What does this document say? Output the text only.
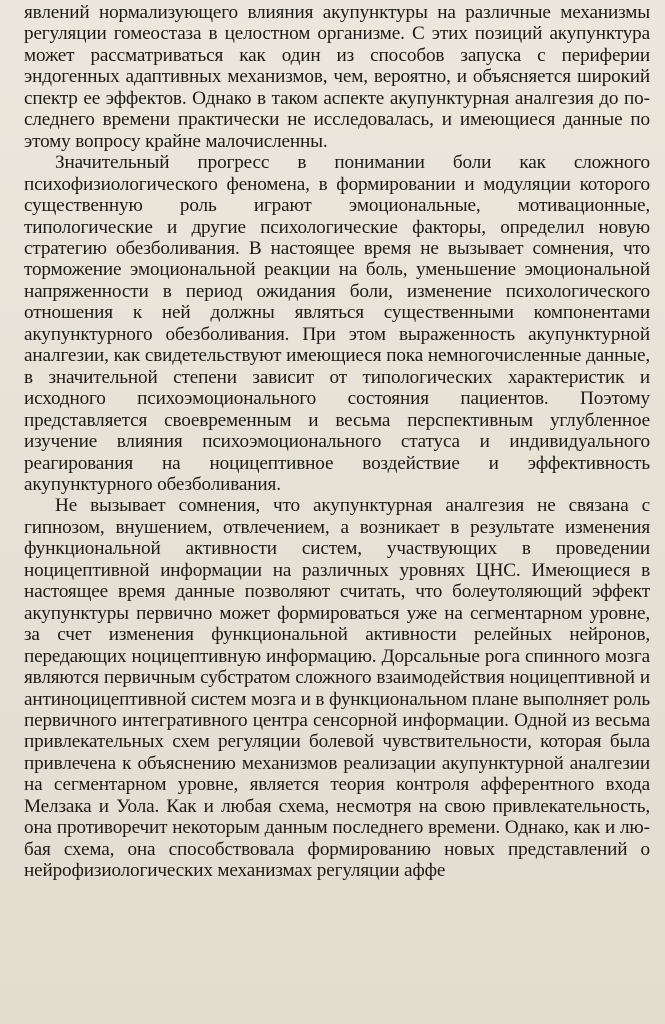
явлений нормализующего влияния акупунктуры на различные механизмы регуляции гомеостаза в целостном организме. С этих позиций акупунктура может рассматриваться как один из способов запуска с периферии эндогенных адаптивных механизмов, чем, вероятно, и объясняется широкий спектр ее эффектов. Однако в таком аспекте акупунктурная аналгезия до последнего времени практически не исследовалась, и имеющиеся данные по этому вопросу крайне малочисленны.

Значительный прогресс в понимании боли как сложного психофизиологического феномена, в формировании и модуляции которого существенную роль играют эмоциональные, мотивационные, типологические и другие психологические факторы, определил новую стратегию обезболивания. В настоящее время не вызывает сомнения, что торможение эмоциональной реакции на боль, уменьшение эмоциональной напряженности в период ожидания боли, изменение психологического отношения к ней должны являться существенными компонентами акупунктурного обезболивания. При этом выраженность акупунктурной аналгезии, как свидетельствуют имеющиеся пока немногочисленные данные, в значительной степени зависит от типологических характеристик и исходного психоэмоционального состояния пациентов. Поэтому представляется своевременным и весьма перспективным углубленное изучение влияния психоэмоционального статуса и индивидуального реагирования на ноцицептивное воздействие и эффективность акупунктурного обезболивания.

Не вызывает сомнения, что акупунктурная аналгезия не связана с гипнозом, внушением, отвлечением, а возникает в результате изменения функциональной активности систем, участвующих в проведении ноцицептивной информации на различных уровнях ЦНС. Имеющиеся в настоящее время данные позволяют считать, что болеутоляющий эффект акупунктуры первично может формироваться уже на сегментарном уровне, за счет изменения функциональной активности релейных нейронов, передающих ноцицептивную информацию. Дорсальные рога спинного мозга являются первичным субстратом сложного взаимодействия ноцицептивной и антиноцицептивной систем мозга и в функциональном плане выполняет роль первичного интегративного центра сенсорной информации. Одной из весьма привлекательных схем регуляции болевой чувствительности, которая была привлечена к объяснению механизмов реализации акупунктурной аналгезии на сегментарном уровне, является теория контроля афферентного входа Мелзака и Уола. Как и любая схема, несмотря на свою привлекательность, она противоречит некоторым данным последнего времени. Однако, как и любая схема, она способствовала формированию новых представлений о нейрофизиологических механизмах регуляции аффе
